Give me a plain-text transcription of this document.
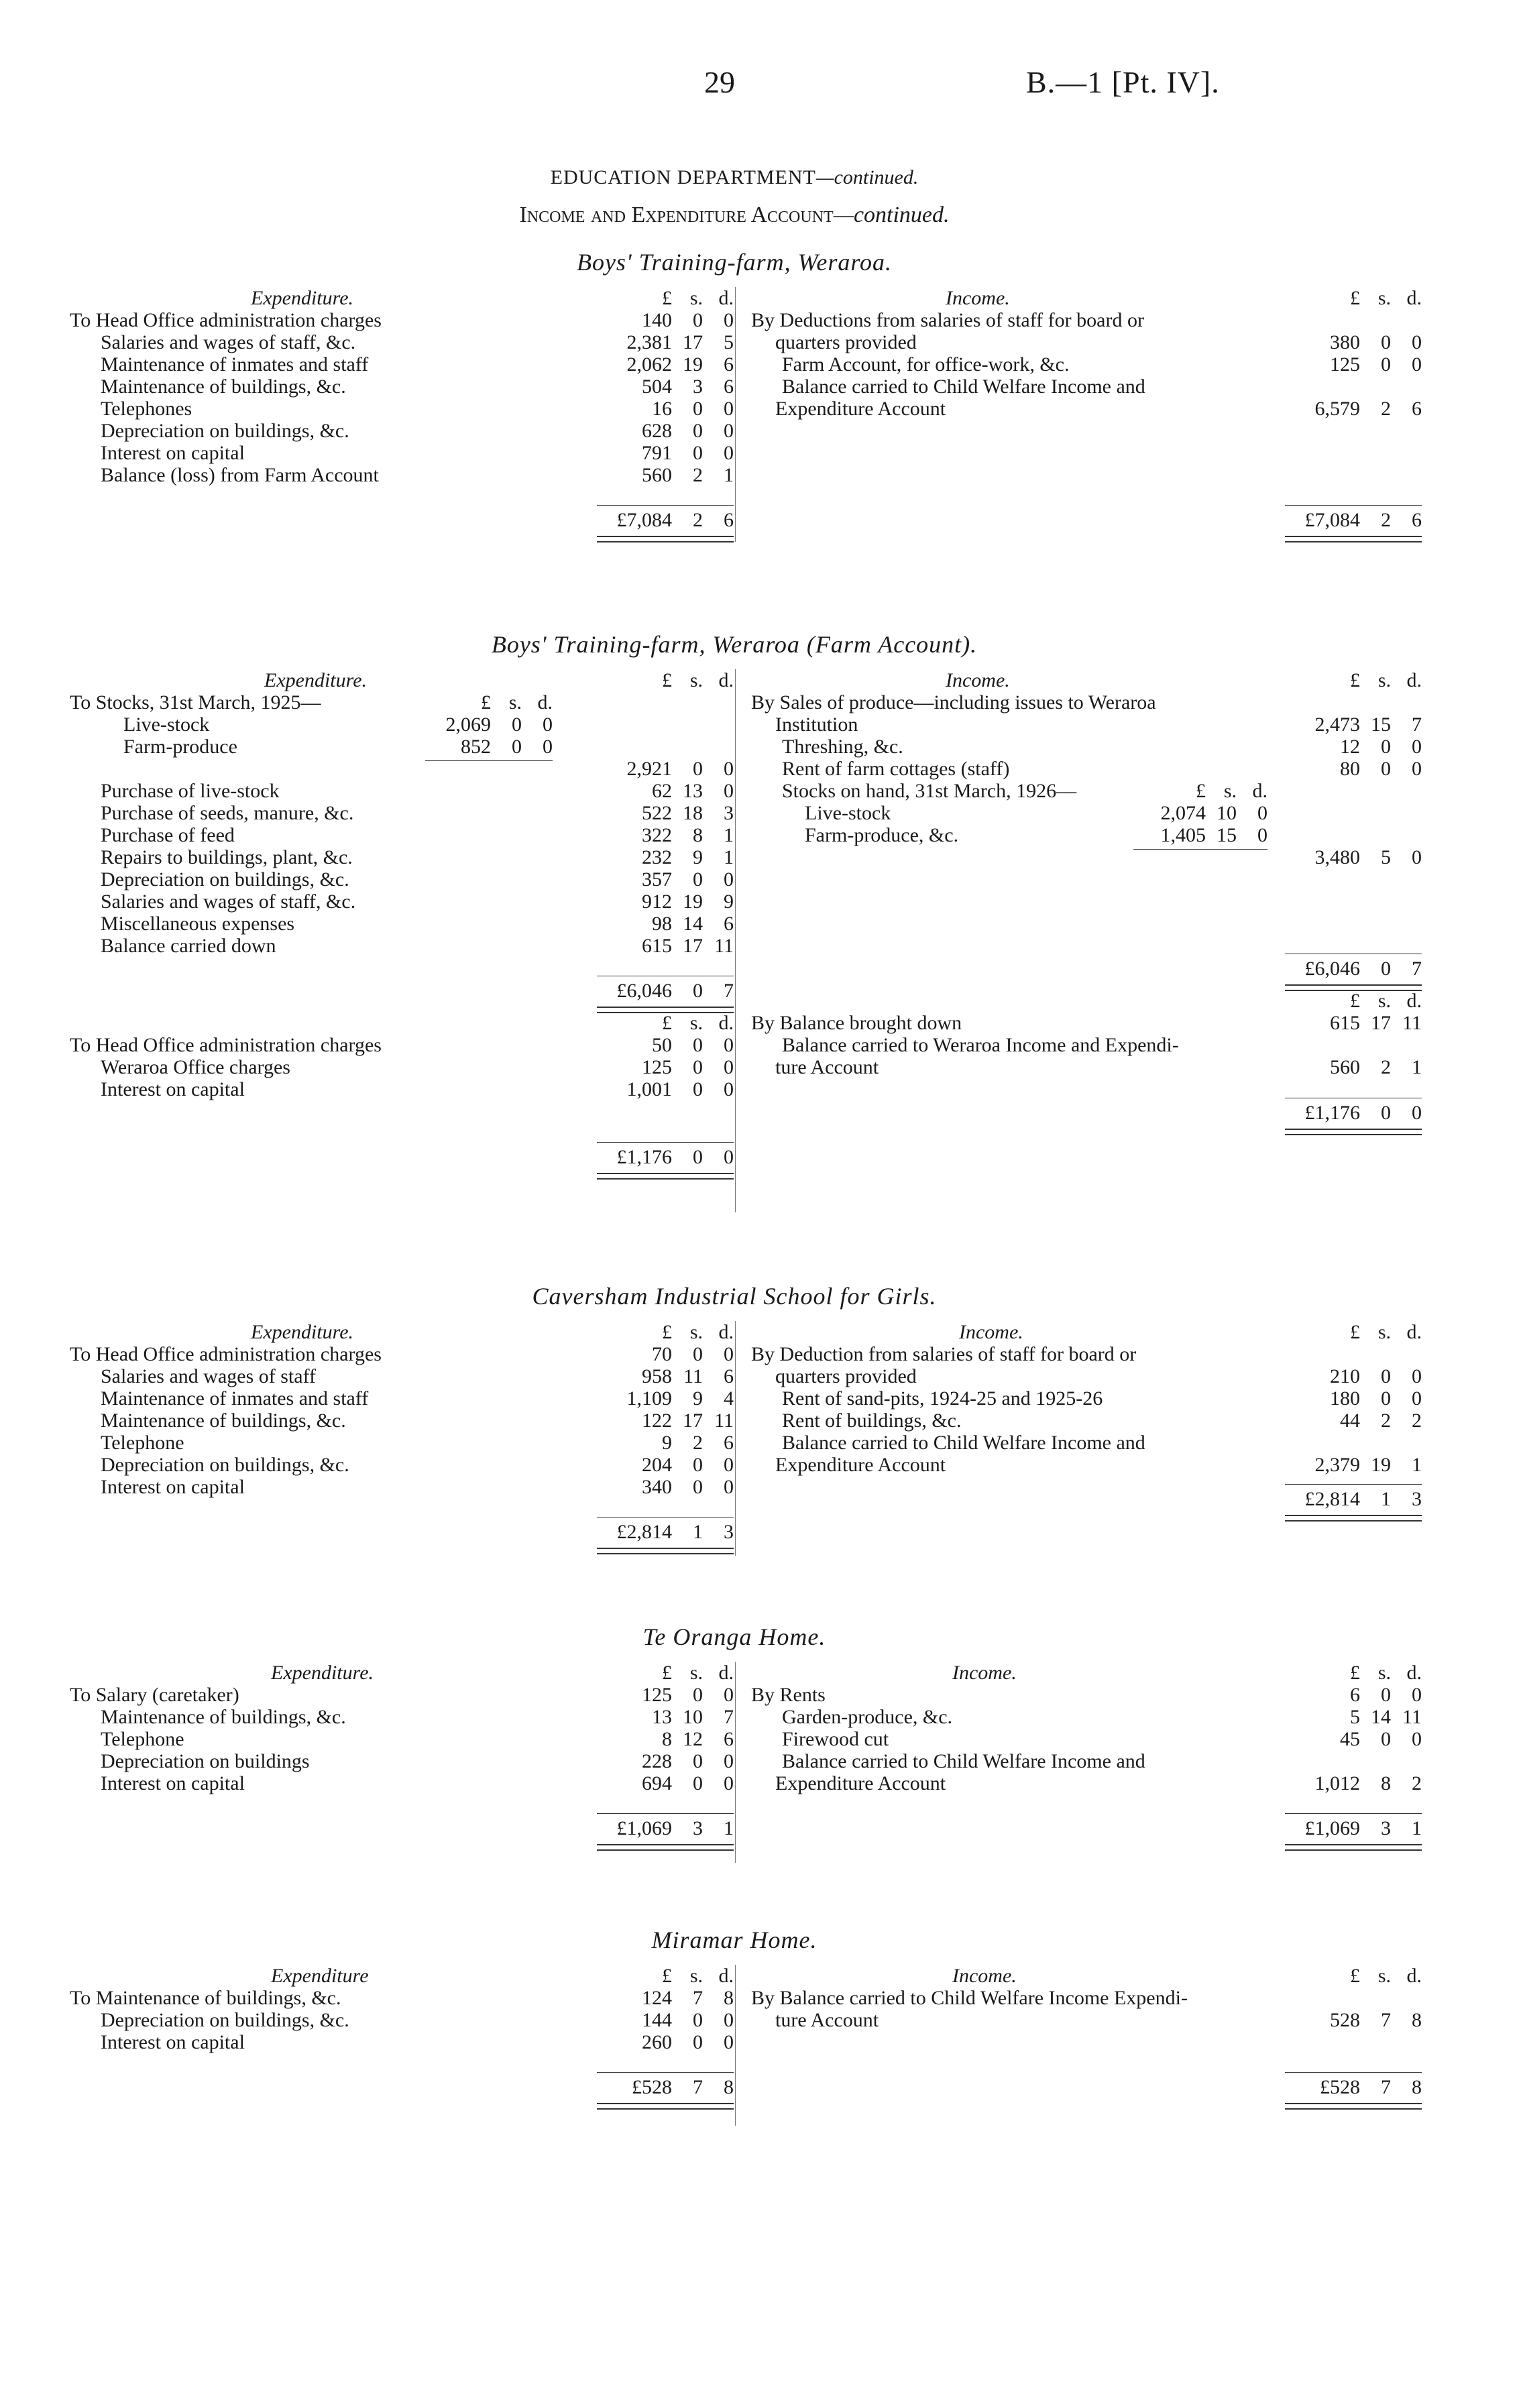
29	B.—1 [Pt. IV].
EDUCATION DEPARTMENT—continued.
Income and Expenditure Account—continued.
Boys' Training-farm, Weraroa.
Expenditure.	£ s. d.
To Head Office administration charges	140 0 0
Salaries and wages of staff, &c.	2,381 17 5
Maintenance of inmates and staff	2,062 19 6
Maintenance of buildings, &c.	504 3 6
Telephones	16 0 0
Depreciation on buildings, &c.	628 0 0
Interest on capital	791 0 0
Balance (loss) from Farm Account	560 2 1
£7,084 2 6
Income.	£ s. d.
By Deductions from salaries of staff for board or
quarters provided	380 0 0
Farm Account, for office-work, &c.	125 0 0
Balance carried to Child Welfare Income and
Expenditure Account	6,579 2 6
£7,084 2 6
Boys' Training-farm, Weraroa (Farm Account).
Expenditure.	£ s. d.
To Stocks, 31st March, 1925—	£ s. d.
Live-stock	2,069 0 0
Farm-produce	852 0 0
2,921 0 0
Purchase of live-stock	62 13 0
Purchase of seeds, manure, &c.	522 18 3
Purchase of feed	322 8 1
Repairs to buildings, plant, &c.	232 9 1
Depreciation on buildings, &c.	357 0 0
Salaries and wages of staff, &c.	912 19 9
Miscellaneous expenses	98 14 6
Balance carried down	615 17 11
£6,046 0 7
£ s. d.
To Head Office administration charges	50 0 0
Weraroa Office charges	125 0 0
Interest on capital	1,001 0 0
£1,176 0 0
Income.	£ s. d.
By Sales of produce—including issues to Weraroa
Institution	2,473 15 7
Threshing, &c.	12 0 0
Rent of farm cottages (staff)	80 0 0
Stocks on hand, 31st March, 1926—	£ s. d.
Live-stock	2,074 10 0
Farm-produce, &c.	1,405 15 0
3,480 5 0
£6,046 0 7
£ s. d.
By Balance brought down	615 17 11
Balance carried to Weraroa Income and Expendi-
ture Account	560 2 1
£1,176 0 0
Caversham Industrial School for Girls.
Expenditure.	£ s. d.
To Head Office administration charges	70 0 0
Salaries and wages of staff	958 11 6
Maintenance of inmates and staff	1,109 9 4
Maintenance of buildings, &c.	122 17 11
Telephone	9 2 6
Depreciation on buildings, &c.	204 0 0
Interest on capital	340 0 0
£2,814 1 3
Income.	£ s. d.
By Deduction from salaries of staff for board or
quarters provided	210 0 0
Rent of sand-pits, 1924-25 and 1925-26	180 0 0
Rent of buildings, &c.	44 2 2
Balance carried to Child Welfare Income and
Expenditure Account	2,379 19 1
£2,814 1 3
Te Oranga Home.
Expenditure.	£ s. d.
To Salary (caretaker)	125 0 0
Maintenance of buildings, &c.	13 10 7
Telephone	8 12 6
Depreciation on buildings	228 0 0
Interest on capital	694 0 0
£1,069 3 1
Income.	£ s. d.
By Rents	6 0 0
Garden-produce, &c.	5 14 11
Firewood cut	45 0 0
Balance carried to Child Welfare Income and
Expenditure Account	1,012 8 2
£1,069 3 1
Miramar Home.
Expenditure	£ s. d.
To Maintenance of buildings, &c.	124 7 8
Depreciation on buildings, &c.	144 0 0
Interest on capital	260 0 0
£528 7 8
Income.	£ s. d.
By Balance carried to Child Welfare Income Expendi-
ture Account	528 7 8
£528 7 8
